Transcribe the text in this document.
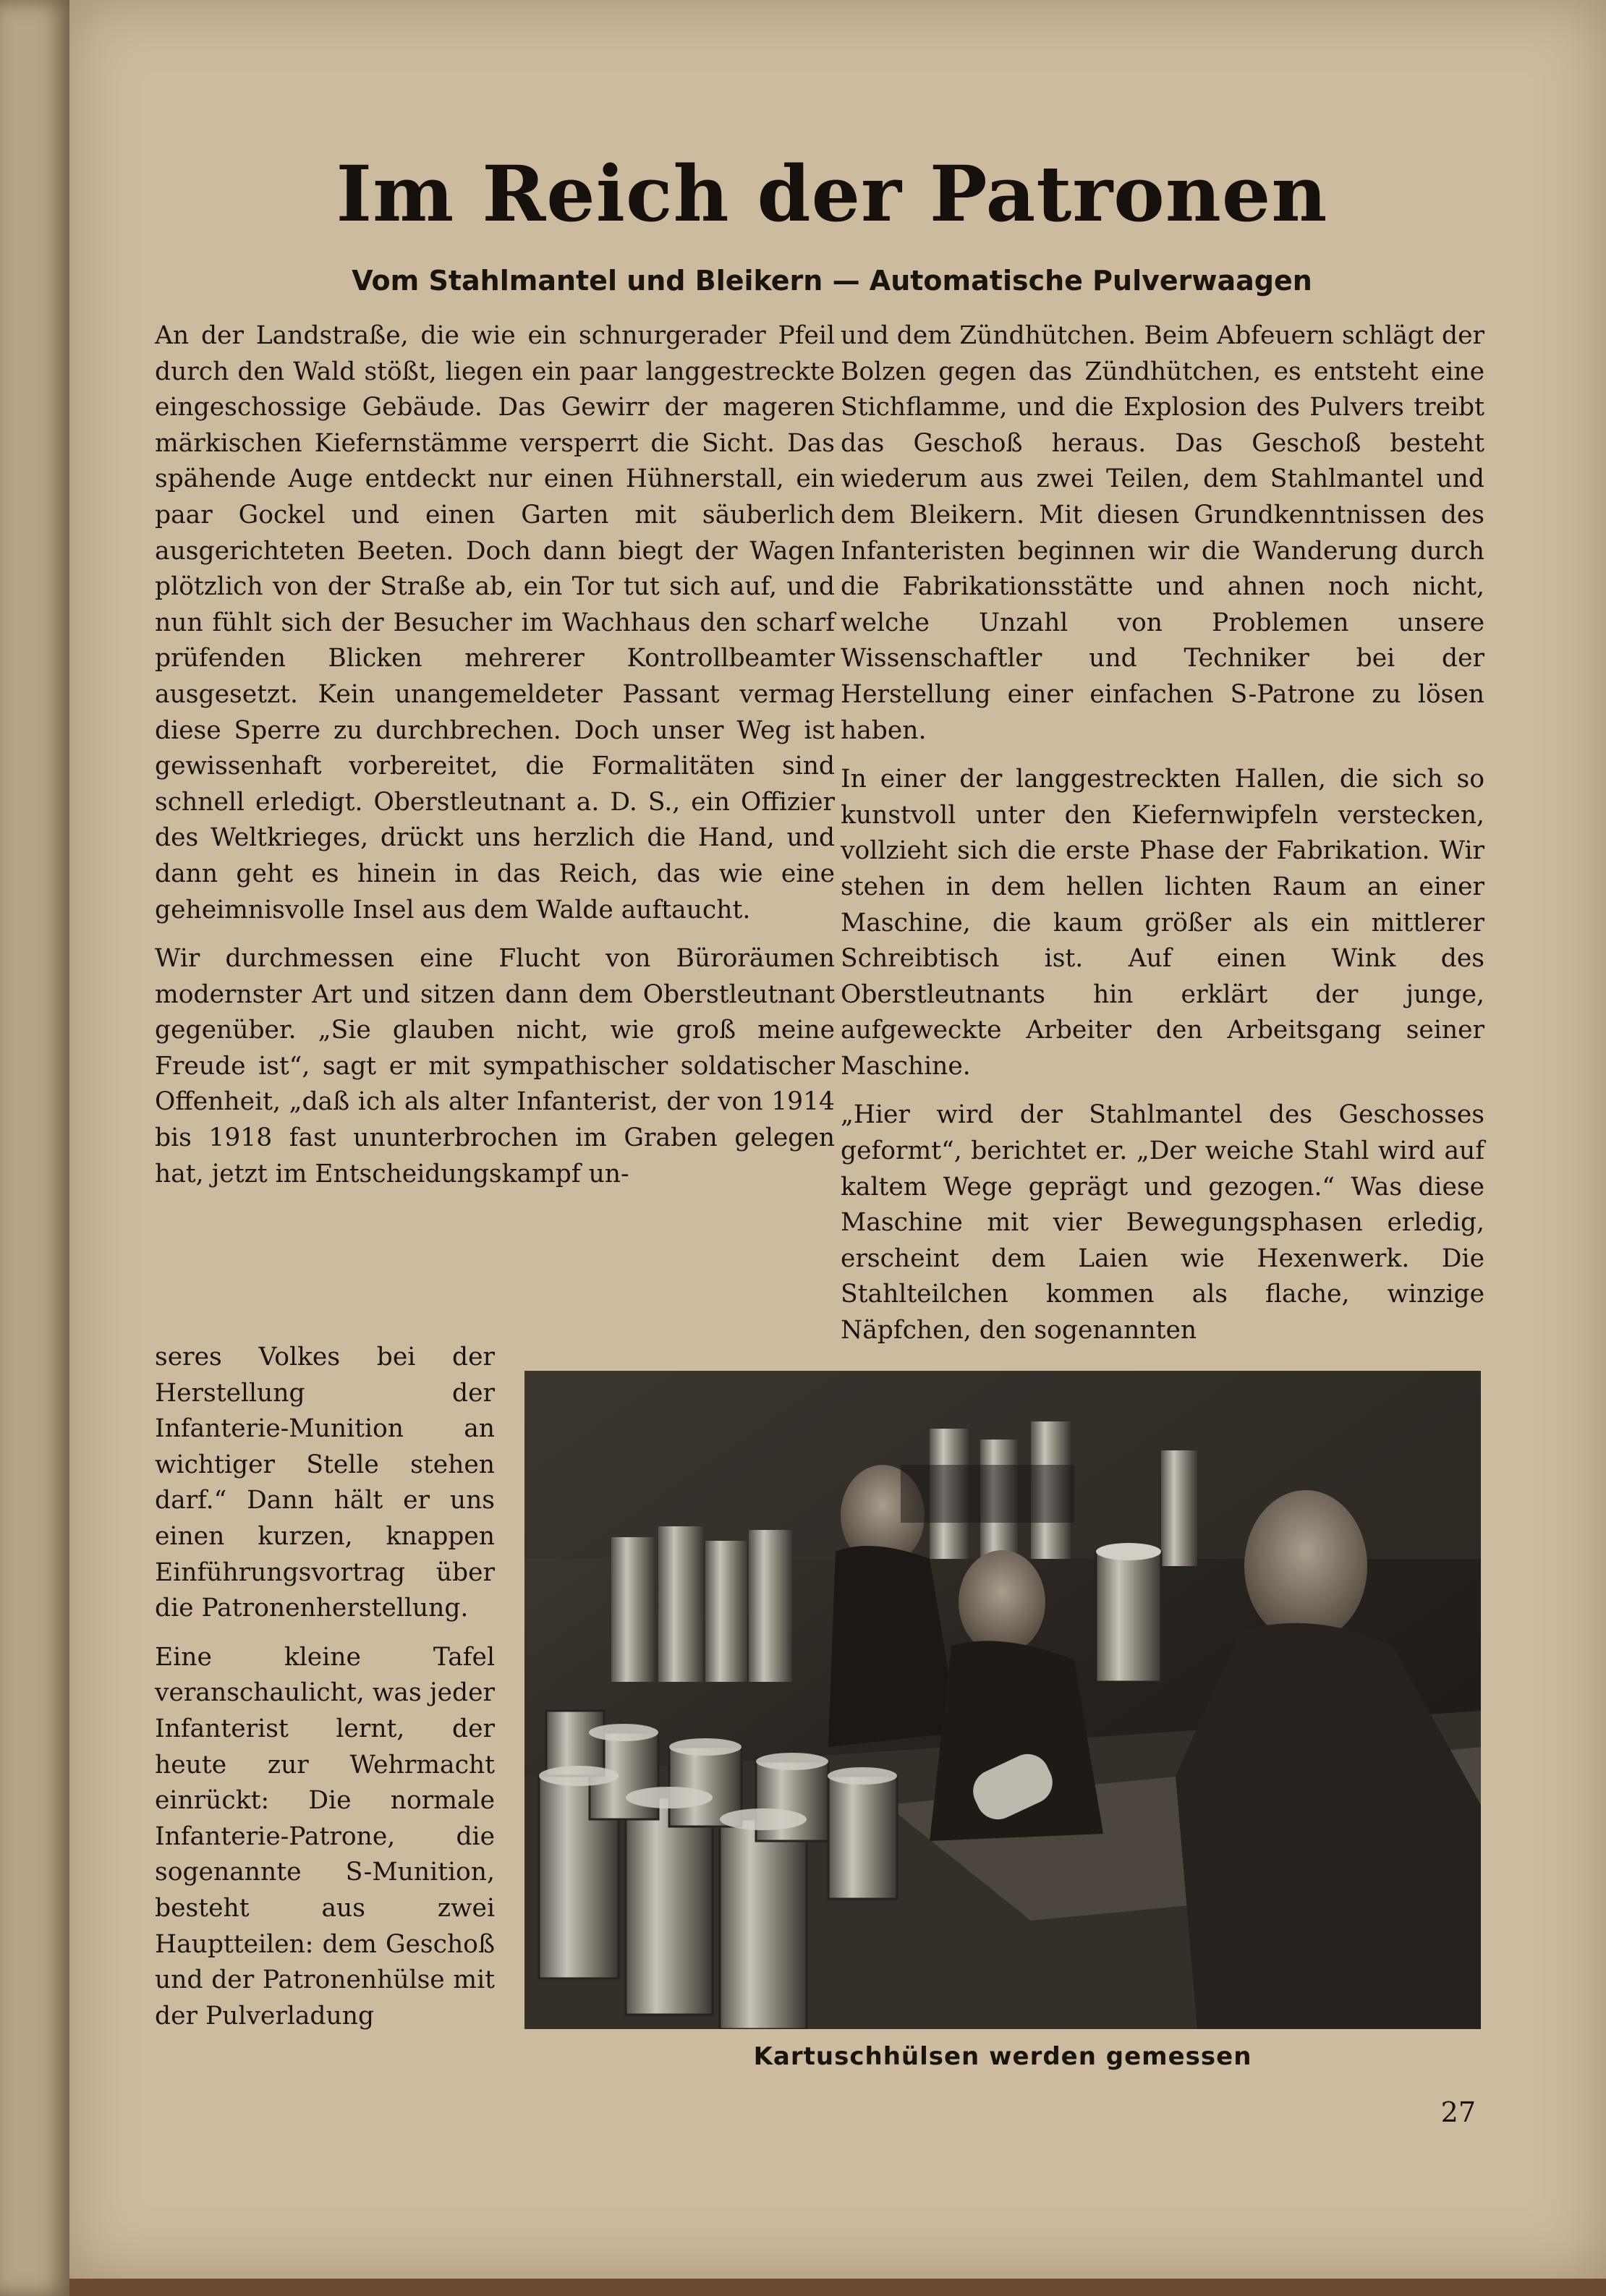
Im Reich der Patronen
Vom Stahlmantel und Bleikern — Automatische Pulverwaagen

An der Landstraße, die wie ein schnurgerader Pfeil durch den Wald stößt, liegen ein paar langgestreckte eingeschossige Gebäude. Das Gewirr der mageren märkischen Kiefernstämme versperrt die Sicht. Das spähende Auge entdeckt nur einen Hühnerstall, ein paar Gockel und einen Garten mit säuberlich ausgerichteten Beeten. Doch dann biegt der Wagen plötzlich von der Straße ab, ein Tor tut sich auf, und nun fühlt sich der Besucher im Wachhaus den scharf prüfenden Blicken mehrerer Kontrollbeamter ausgesetzt. Kein unangemeldeter Passant vermag diese Sperre zu durchbrechen. Doch unser Weg ist gewissenhaft vorbereitet, die Formalitäten sind schnell erledigt. Oberstleutnant a. D. S., ein Offizier des Weltkrieges, drückt uns herzlich die Hand, und dann geht es hinein in das Reich, das wie eine geheimnisvolle Insel aus dem Walde auftaucht.

Wir durchmessen eine Flucht von Büroräumen modernster Art und sitzen dann dem Oberstleutnant gegenüber. „Sie glauben nicht, wie groß meine Freude ist“, sagt er mit sympathischer soldatischer Offenheit, „daß ich als alter Infanterist, der von 1914 bis 1918 fast ununterbrochen im Graben gelegen hat, jetzt im Entscheidungskampf un-

seres Volkes bei der Herstellung der Infanterie-Munition an wichtiger Stelle stehen darf.“ Dann hält er uns einen kurzen, knappen Einführungsvortrag über die Patronenherstellung.

Eine kleine Tafel veranschaulicht, was jeder Infanterist lernt, der heute zur Wehrmacht einrückt: Die normale Infanterie-Patrone, die sogenannte S-Munition, besteht aus zwei Hauptteilen: dem Geschoß und der Patronenhülse mit der Pulverladung

und dem Zündhütchen. Beim Abfeuern schlägt der Bolzen gegen das Zündhütchen, es entsteht eine Stichflamme, und die Explosion des Pulvers treibt das Geschoß heraus. Das Geschoß besteht wiederum aus zwei Teilen, dem Stahlmantel und dem Bleikern. Mit diesen Grundkenntnissen des Infanteristen beginnen wir die Wanderung durch die Fabrikationsstätte und ahnen noch nicht, welche Unzahl von Problemen unsere Wissenschaftler und Techniker bei der Herstellung einer einfachen S-Patrone zu lösen haben.

In einer der langgestreckten Hallen, die sich so kunstvoll unter den Kiefernwipfeln verstecken, vollzieht sich die erste Phase der Fabrikation. Wir stehen in dem hellen lichten Raum an einer Maschine, die kaum größer als ein mittlerer Schreibtisch ist. Auf einen Wink des Oberstleutnants hin erklärt der junge, aufgeweckte Arbeiter den Arbeitsgang seiner Maschine.

„Hier wird der Stahlmantel des Geschosses geformt“, berichtet er. „Der weiche Stahl wird auf kaltem Wege geprägt und gezogen.“ Was diese Maschine mit vier Bewegungsphasen erledig, erscheint dem Laien wie Hexenwerk. Die Stahlteilchen kommen als flache, winzige Näpfchen, den sogenannten

Kartuschhülsen werden gemessen

27
